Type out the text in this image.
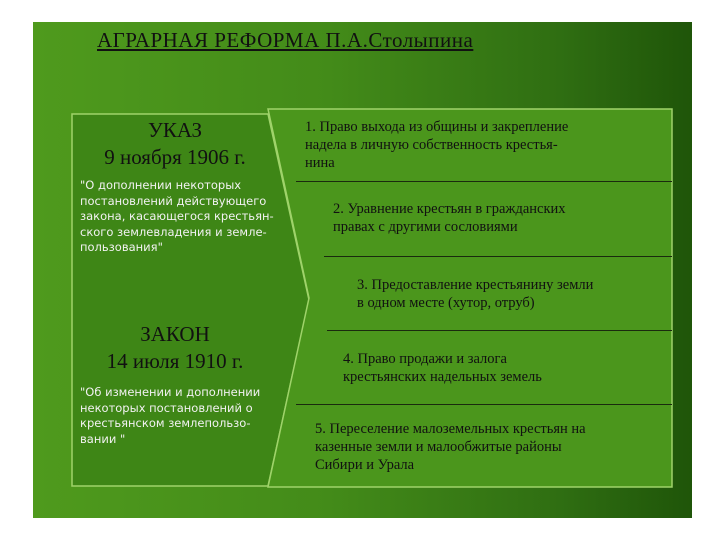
АГРАРНАЯ РЕФОРМА П.А.Столыпина
УКАЗ
9 ноября 1906 г.
"О дополнении некоторых
постановлений действующего
закона, касающегося крестьян-
ского землевладения и земле-
пользования"
ЗАКОН
14 июля 1910 г.
"Об изменении и дополнении
некоторых постановлений о
крестьянском землепользо-
вании "
1. Право выхода из общины и закрепление
надела в личную собственность крестья-
нина
2. Уравнение крестьян в гражданских
правах с другими сословиями
3. Предоставление крестьянину земли
в одном месте (хутор, отруб)
4. Право продажи и залога
крестьянских надельных земель
5. Переселение малоземельных крестьян на
казенные земли и малообжитые районы
Сибири и Урала
